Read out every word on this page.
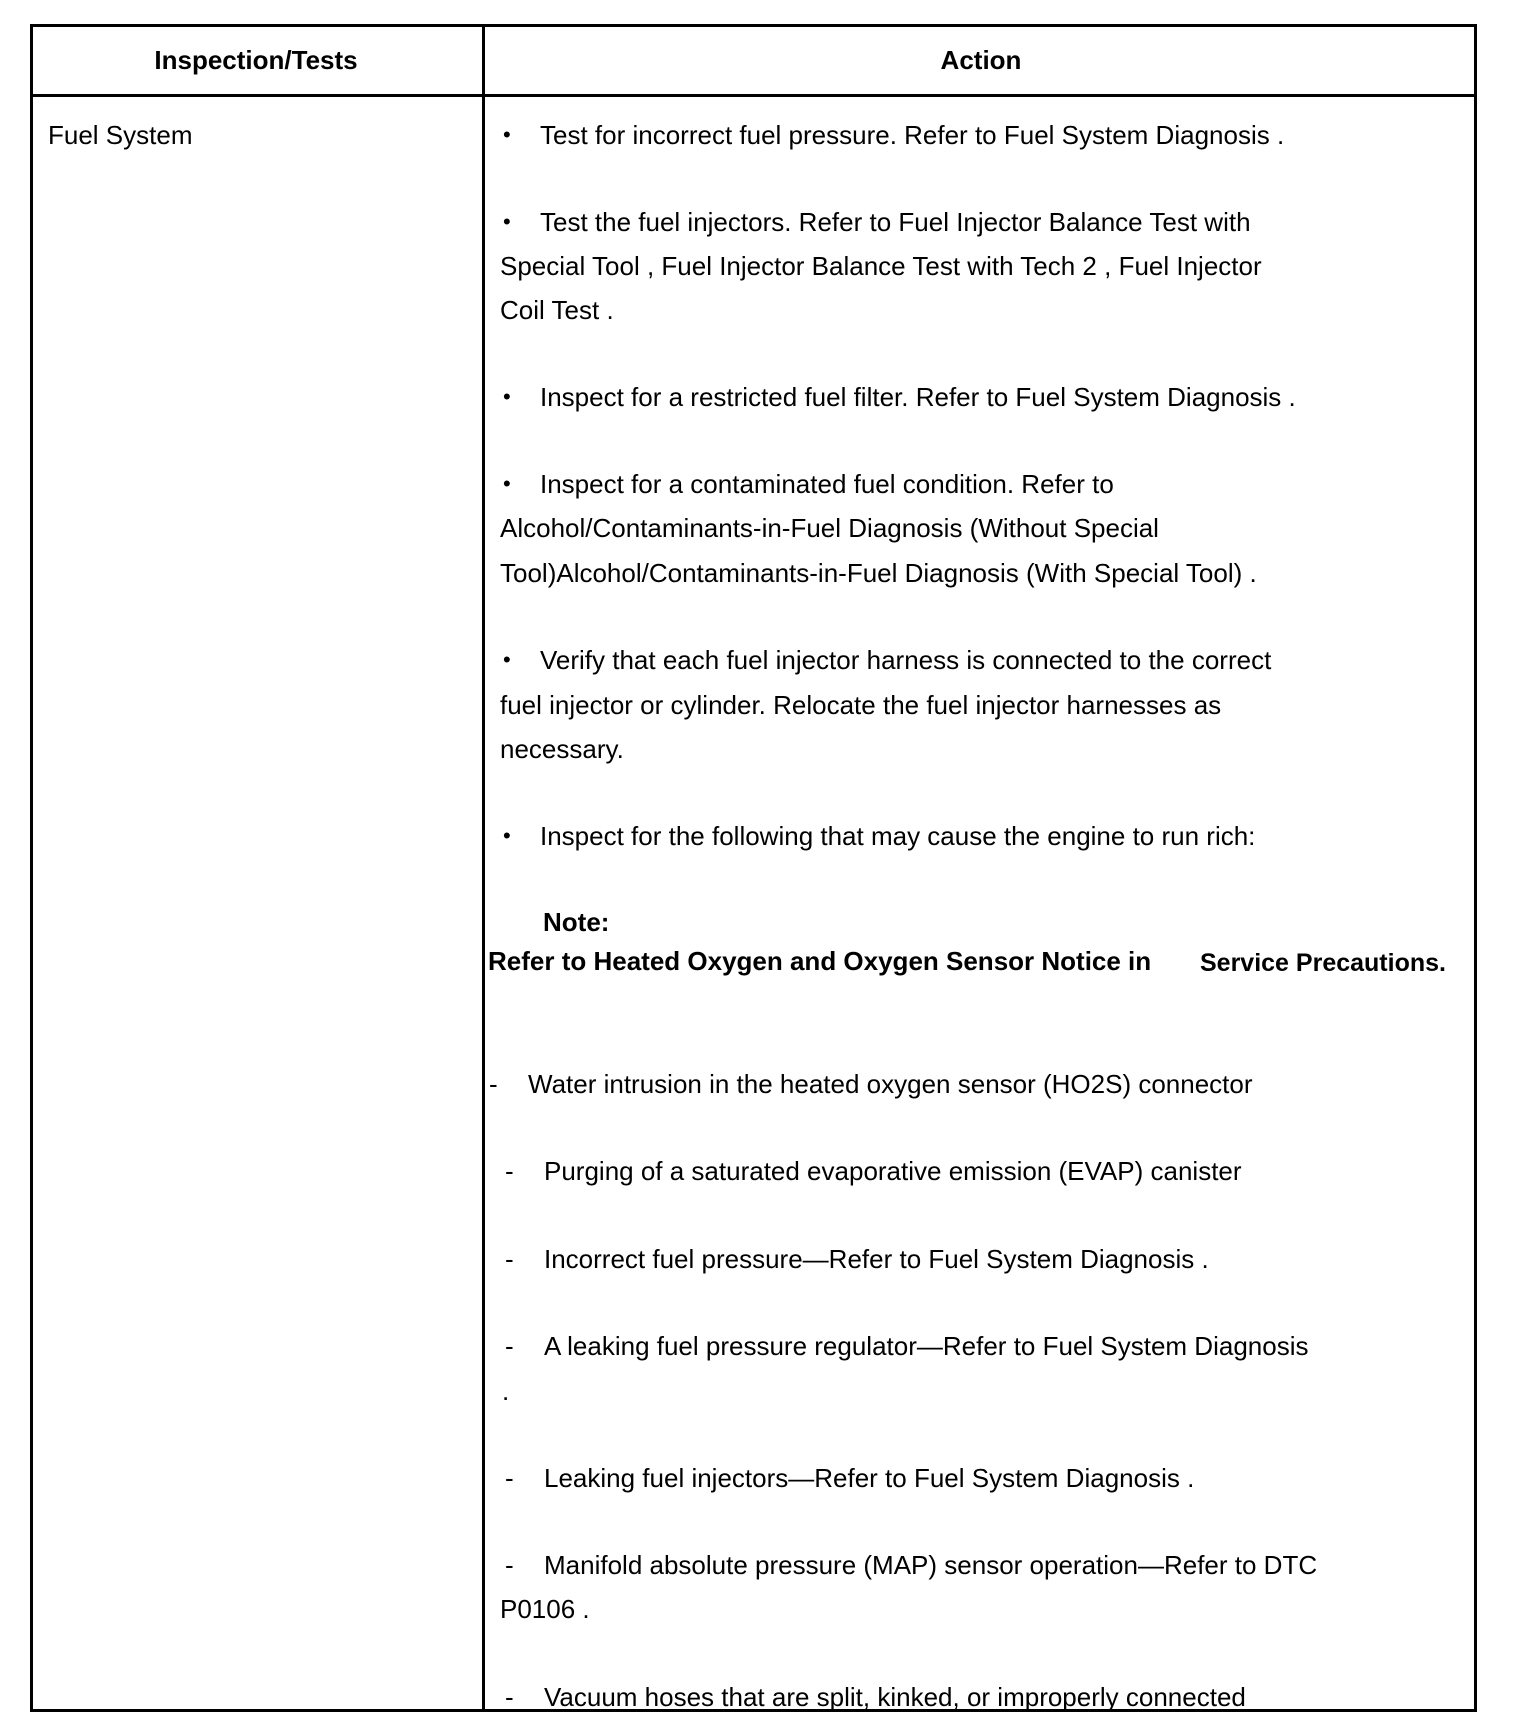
Inspection/Tests	Action
Fuel System	• Test for incorrect fuel pressure. Refer to Fuel System Diagnosis .
• Test the fuel injectors. Refer to Fuel Injector Balance Test with
Special Tool , Fuel Injector Balance Test with Tech 2 , Fuel Injector
Coil Test .
• Inspect for a restricted fuel filter. Refer to Fuel System Diagnosis .
• Inspect for a contaminated fuel condition. Refer to
Alcohol/Contaminants-in-Fuel Diagnosis (Without Special
Tool)Alcohol/Contaminants-in-Fuel Diagnosis (With Special Tool) .
• Verify that each fuel injector harness is connected to the correct
fuel injector or cylinder. Relocate the fuel injector harnesses as
necessary.
• Inspect for the following that may cause the engine to run rich:
Note:
Refer to Heated Oxygen and Oxygen Sensor Notice in Service Precautions.
- Water intrusion in the heated oxygen sensor (HO2S) connector
- Purging of a saturated evaporative emission (EVAP) canister
- Incorrect fuel pressure—Refer to Fuel System Diagnosis .
- A leaking fuel pressure regulator—Refer to Fuel System Diagnosis
.
- Leaking fuel injectors—Refer to Fuel System Diagnosis .
- Manifold absolute pressure (MAP) sensor operation—Refer to DTC
P0106 .
- Vacuum hoses that are split, kinked, or improperly connected
